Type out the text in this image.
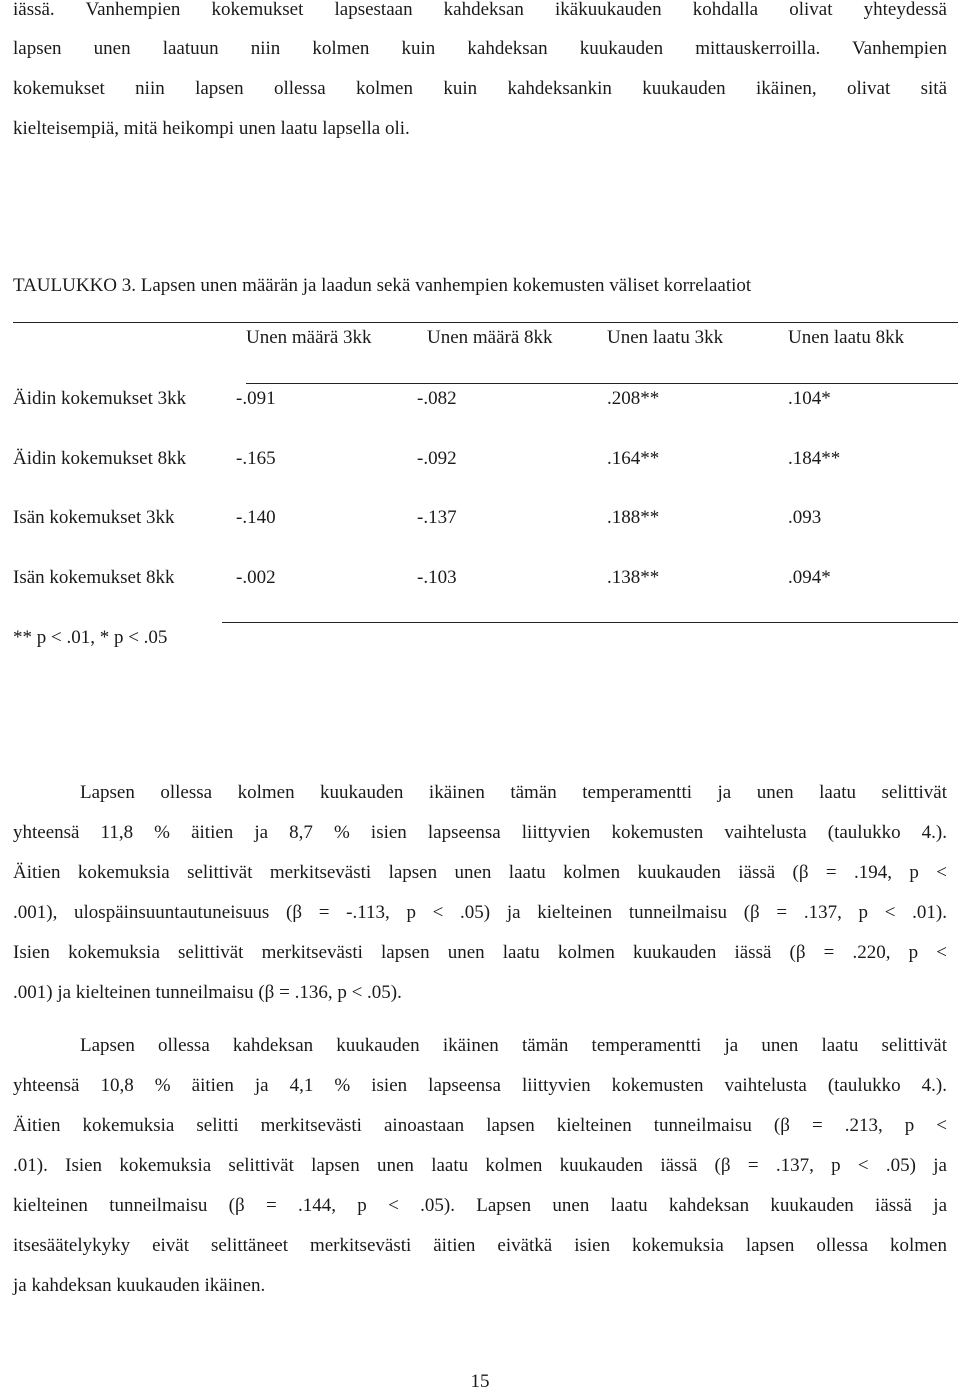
iässä. Vanhempien kokemukset lapsestaan kahdeksan ikäkuukauden kohdalla olivat yhteydessä
lapsen unen laatuun niin kolmen kuin kahdeksan kuukauden mittauskerroilla. Vanhempien
kokemukset niin lapsen ollessa kolmen kuin kahdeksankin kuukauden ikäinen, olivat sitä
kielteisempiä, mitä heikompi unen laatu lapsella oli.
TAULUKKO 3. Lapsen unen määrän ja laadun sekä vanhempien kokemusten väliset korrelaatiot
Unen määrä 3kk	Unen määrä 8kk	Unen laatu 3kk	Unen laatu 8kk
Äidin kokemukset 3kk	-.091	-.082	.208**	.104*
Äidin kokemukset 8kk	-.165	-.092	.164**	.184**
Isän kokemukset 3kk	-.140	-.137	.188**	.093
Isän kokemukset 8kk	-.002	-.103	.138**	.094*
** p < .01, * p < .05
Lapsen ollessa kolmen kuukauden ikäinen tämän temperamentti ja unen laatu selittivät
yhteensä 11,8 % äitien ja 8,7 % isien lapseensa liittyvien kokemusten vaihtelusta (taulukko 4.).
Äitien kokemuksia selittivät merkitsevästi lapsen unen laatu kolmen kuukauden iässä (β = .194, p <
.001), ulospäinsuuntautuneisuus (β = -.113, p < .05) ja kielteinen tunneilmaisu (β = .137, p < .01).
Isien kokemuksia selittivät merkitsevästi lapsen unen laatu kolmen kuukauden iässä (β = .220, p <
.001) ja kielteinen tunneilmaisu (β = .136, p < .05).
Lapsen ollessa kahdeksan kuukauden ikäinen tämän temperamentti ja unen laatu selittivät
yhteensä 10,8 % äitien ja 4,1 % isien lapseensa liittyvien kokemusten vaihtelusta (taulukko 4.).
Äitien kokemuksia selitti merkitsevästi ainoastaan lapsen kielteinen tunneilmaisu (β = .213, p <
.01). Isien kokemuksia selittivät lapsen unen laatu kolmen kuukauden iässä (β = .137, p < .05) ja
kielteinen tunneilmaisu (β = .144, p < .05). Lapsen unen laatu kahdeksan kuukauden iässä ja
itsesäätelykyky eivät selittäneet merkitsevästi äitien eivätkä isien kokemuksia lapsen ollessa kolmen
ja kahdeksan kuukauden ikäinen.
15
